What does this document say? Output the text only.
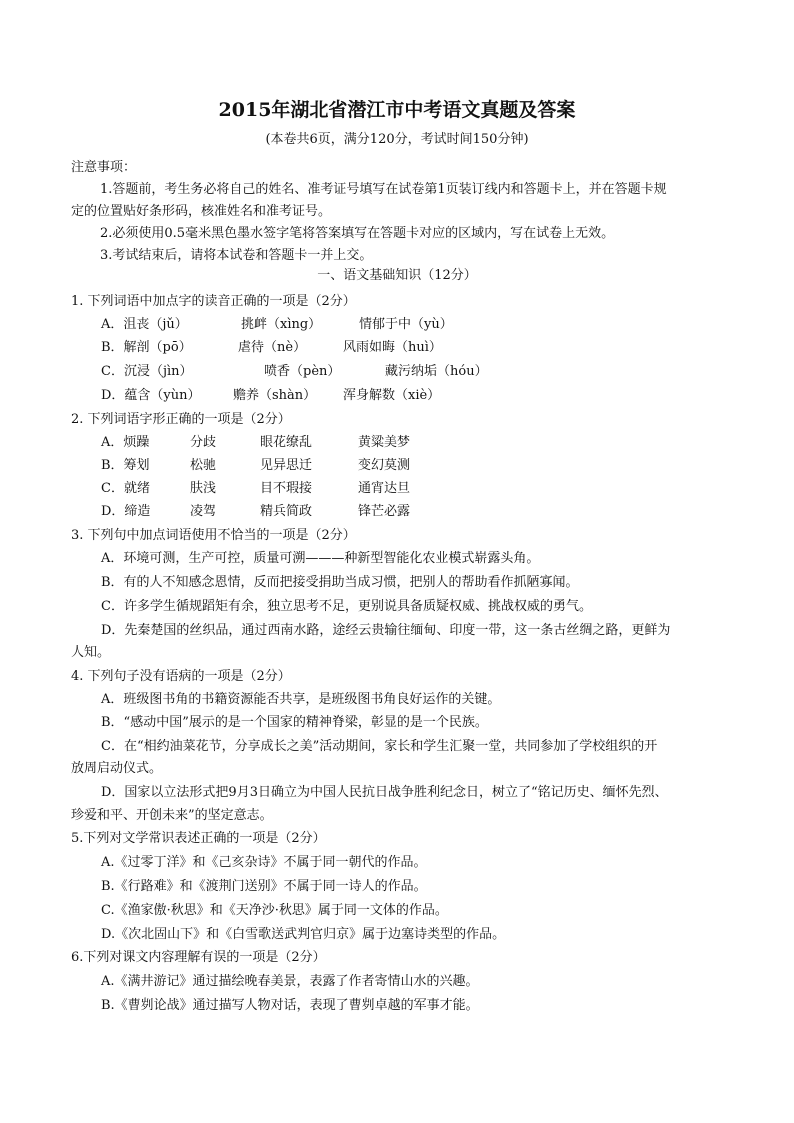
2015年湖北省潜江市中考语文真题及答案
(本卷共6页，满分120分，考试时间150分钟)
注意事项：
1.答题前，考生务必将自己的姓名、准考证号填写在试卷第1页装订线内和答题卡上，并在答题卡规
定的位置贴好条形码，核准姓名和准考证号。
2.必须使用0.5毫米黑色墨水签字笔将答案填写在答题卡对应的区域内，写在试卷上无效。
3.考试结束后，请将本试卷和答题卡一并上交。
一、语文基础知识（12分）
1. 下列词语中加点字的读音正确的一项是（2分）
A．沮丧（jǔ）	挑衅（xìng）	情郁于中（yù）
B．解剖（pō）	虐待（nè）	风雨如晦（huì）
C．沉浸（jìn）	喷香（pèn）	藏污纳垢（hóu）
D．蕴含（yùn） 赡养（shàn） 浑身解数（xiè）
2. 下列词语字形正确的一项是（2分）
A．烦躁	分歧	眼花缭乱	黄粱美梦
B．筹划	松驰	见异思迁	变幻莫测
C．就绪	肤浅	目不瑕接	通宵达旦
D．缔造	凌驾	精兵简政	锋芒必露
3. 下列句中加点词语使用不恰当的一项是（2分）
A．环境可测，生产可控，质量可溯———种新型智能化农业模式崭露头角。
B．有的人不知感念恩情，反而把接受捐助当成习惯，把别人的帮助看作抓陋寡闻。
C．许多学生循规蹈矩有余，独立思考不足，更别说具备质疑权威、挑战权威的勇气。
D．先秦楚国的丝织品，通过西南水路，途经云贵输往缅甸、印度一带，这一条古丝绸之路，更鲜为
人知。
4. 下列句子没有语病的一项是（2分）
A．班级图书角的书籍资源能否共享，是班级图书角良好运作的关键。
B．“感动中国”展示的是一个国家的精神脊梁，彰显的是一个民族。
C．在“相约油菜花节，分享成长之美”活动期间，家长和学生汇聚一堂，共同参加了学校组织的开
放周启动仪式。
D．国家以立法形式把9月3日确立为中国人民抗日战争胜利纪念日，树立了“铭记历史、缅怀先烈、
珍爱和平、开创未来”的坚定意志。
5.下列对文学常识表述正确的一项是（2分）
A.《过零丁洋》和《己亥杂诗》不属于同一朝代的作品。
B.《行路难》和《渡荆门送别》不属于同一诗人的作品。
C.《渔家傲·秋思》和《天净沙·秋思》属于同一文体的作品。
D.《次北固山下》和《白雪歌送武判官归京》属于边塞诗类型的作品。
6.下列对课文内容理解有误的一项是（2分）
A.《满井游记》通过描绘晚春美景，表露了作者寄情山水的兴趣。
B.《曹刿论战》通过描写人物对话，表现了曹刿卓越的军事才能。
